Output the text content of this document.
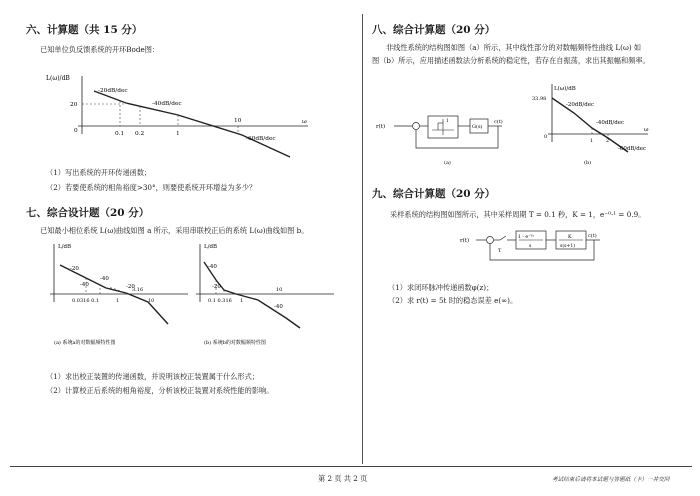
六、计算题（共 15 分）
已知单位负反馈系统的开环Bode图：
L(ω)/dB
-20dB/dec
-40dB/dec
-60dB/dec
20
0	0.1 0.2	1
10	ω
（1）写出系统的开环传递函数；
（2）若要使系统的相角裕度>30°，则要使系统开环增益为多少？
七、综合设计题（20 分）
已知最小相位系统 L(ω)曲线如图 a 所示，采用串联校正后的系统 L(ω)曲线如图 b。
L/dB
-20
-40
-40	-20
0.0316 0.1	1
3.16
10
(a) 系统a的对数幅频特性图
L/dB
-40
-20
-40
0.1 0.316 1
10
(b) 系统b的对数幅频特性图
（1）求出校正装置的传递函数，并说明该校正装置属于什么形式；
（2）计算校正后系统的相角裕度，分析该校正装置对系统性能的影响。
八、综合计算题（20 分）
非线性系统的结构图如图（a）所示，其中线性部分的对数幅频特性曲线 L(ω) 如
图（b）所示，应用描述函数法分析系统的稳定性，若存在自振荡，求出其振幅和频率。
r(t)
1
G(s)
c(t)
(a)
L(ω)/dB
33.98
-20dB/dec
-40dB/dec
-60dB/dec
0
1	2
ω
(b)
九、综合计算题（20 分）
采样系统的结构图如图所示，其中采样周期 T = 0.1 秒，K = 1，e⁻⁰·¹ = 0.9。
r(t)
T
1 - e⁻ᵀˢ
s
K
s(s+1)
c(t)
（1）求闭环脉冲传递函数φ(z)；
（2）求 r(t) = 5t 时的稳态误差 e(∞)。
第 2 页 共 2 页	考试结束后请将本试题与答题纸（卡）一并交回
